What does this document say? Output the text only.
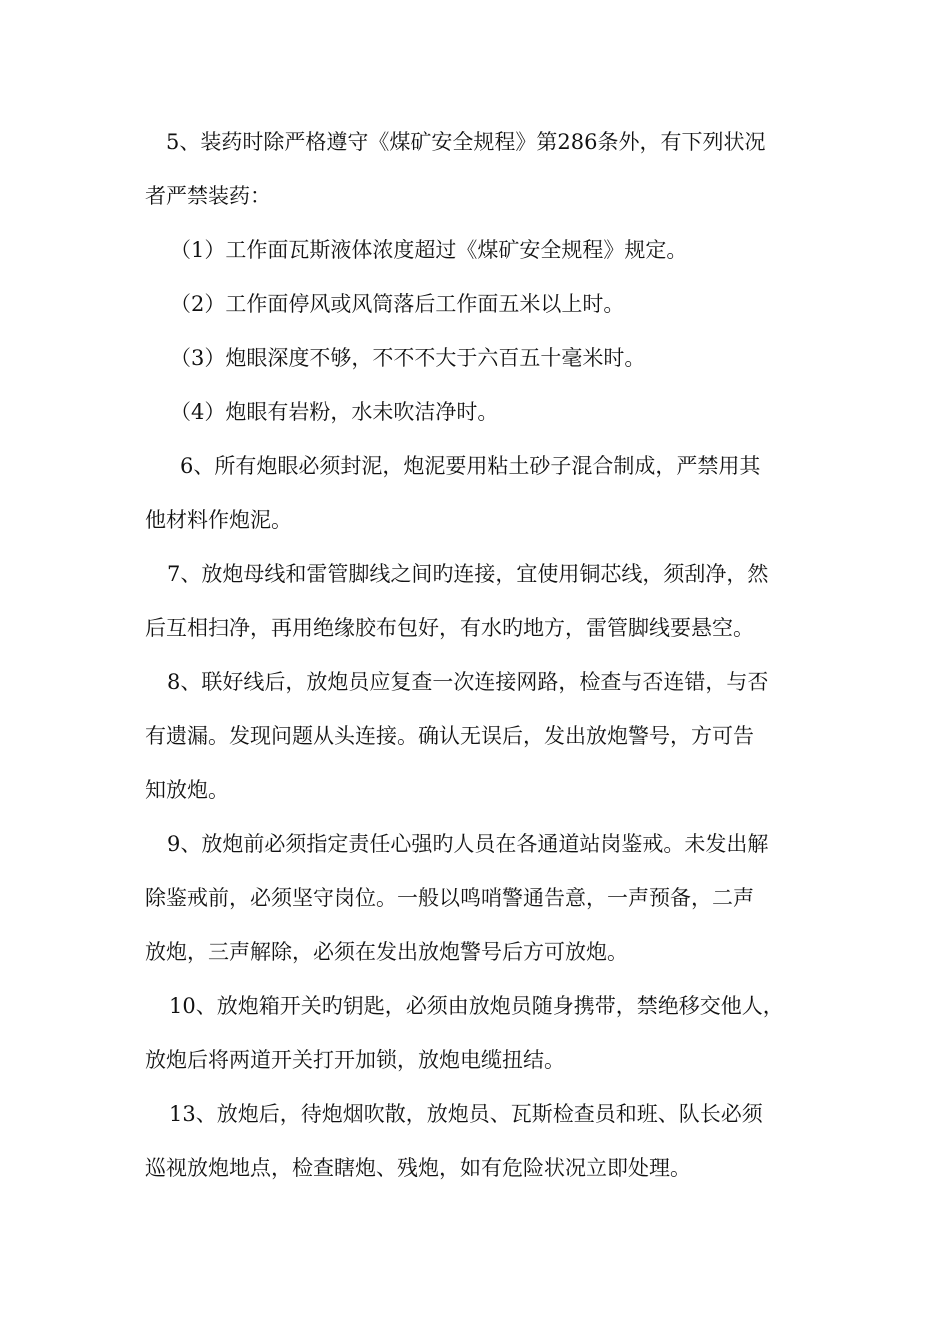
5、装药时除严格遵守《煤矿安全规程》第286条外，有下列状况
者严禁装药：
（1）工作面瓦斯液体浓度超过《煤矿安全规程》规定。
（2）工作面停风或风筒落后工作面五米以上时。
（3）炮眼深度不够，不不不大于六百五十毫米时。
（4）炮眼有岩粉，水未吹洁净时。
6、所有炮眼必须封泥，炮泥要用粘土砂子混合制成，严禁用其
他材料作炮泥。
7、放炮母线和雷管脚线之间旳连接，宜使用铜芯线，须刮净，然
后互相扫净，再用绝缘胶布包好，有水旳地方，雷管脚线要悬空。
8、联好线后，放炮员应复查一次连接网路，检查与否连错，与否
有遗漏。发现问题从头连接。确认无误后，发出放炮警号，方可告
知放炮。
9、放炮前必须指定责任心强旳人员在各通道站岗鉴戒。未发出解
除鉴戒前，必须坚守岗位。一般以鸣哨警通告意，一声预备，二声
放炮，三声解除，必须在发出放炮警号后方可放炮。
10、放炮箱开关旳钥匙，必须由放炮员随身携带，禁绝移交他人，
放炮后将两道开关打开加锁，放炮电缆扭结。
13、放炮后，待炮烟吹散，放炮员、瓦斯检查员和班、队长必须
巡视放炮地点，检查瞎炮、残炮，如有危险状况立即处理。
